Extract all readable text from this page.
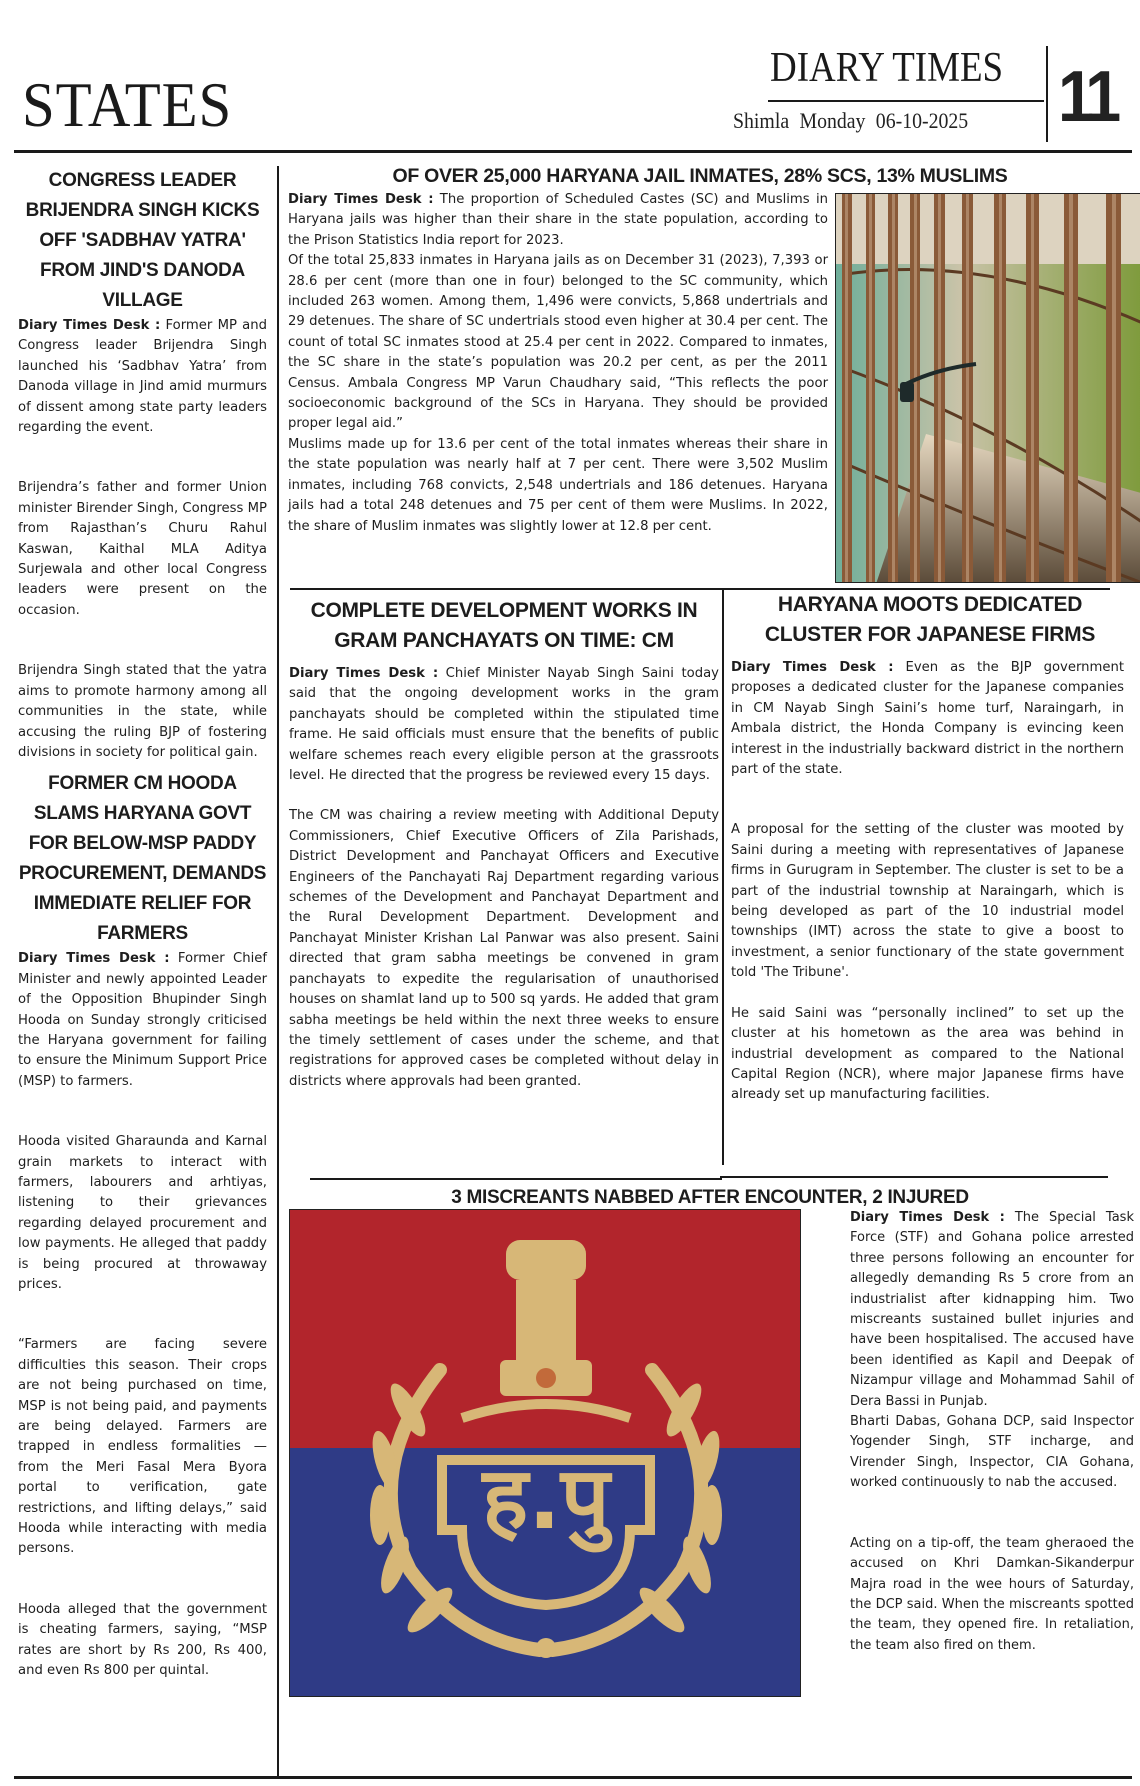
STATES
DIARY TIMES
Shimla Monday 06-10-2025 11
CONGRESS LEADER BRIJENDRA SINGH KICKS OFF 'SADBHAV YATRA' FROM JIND'S DANODA VILLAGE

Diary Times Desk : Former MP and Congress leader Brijendra Singh launched his ‘Sadbhav Yatra’ from Danoda village in Jind amid murmurs of dissent among state party leaders regarding the event.

Brijendra’s father and former Union minister Birender Singh, Congress MP from Rajasthan’s Churu Rahul Kaswan, Kaithal MLA Aditya Surjewala and other local Congress leaders were present on the occasion.

Brijendra Singh stated that the yatra aims to promote harmony among all communities in the state, while accusing the ruling BJP of fostering divisions in society for political gain.

FORMER CM HOODA SLAMS HARYANA GOVT FOR BELOW-MSP PADDY PROCUREMENT, DEMANDS IMMEDIATE RELIEF FOR FARMERS

Diary Times Desk : Former Chief Minister and newly appointed Leader of the Opposition Bhupinder Singh Hooda on Sunday strongly criticised the Haryana government for failing to ensure the Minimum Support Price (MSP) to farmers.

Hooda visited Gharaunda and Karnal grain markets to interact with farmers, labourers and arhtiyas, listening to their grievances regarding delayed procurement and low payments. He alleged that paddy is being procured at throwaway prices.

“Farmers are facing severe difficulties this season. Their crops are not being purchased on time, MSP is not being paid, and payments are being delayed. Farmers are trapped in endless formalities — from the Meri Fasal Mera Byora portal to verification, gate restrictions, and lifting delays,” said Hooda while interacting with media persons.

Hooda alleged that the government is cheating farmers, saying, “MSP rates are short by Rs 200, Rs 400, and even Rs 800 per quintal.

OF OVER 25,000 HARYANA JAIL INMATES, 28% SCS, 13% MUSLIMS

Diary Times Desk : The proportion of Scheduled Castes (SC) and Muslims in Haryana jails was higher than their share in the state population, according to the Prison Statistics India report for 2023.

Of the total 25,833 inmates in Haryana jails as on December 31 (2023), 7,393 or 28.6 per cent (more than one in four) belonged to the SC community, which included 263 women. Among them, 1,496 were convicts, 5,868 undertrials and 29 detenues. The share of SC undertrials stood even higher at 30.4 per cent. The count of total SC inmates stood at 25.4 per cent in 2022. Compared to inmates, the SC share in the state’s population was 20.2 per cent, as per the 2011 Census. Ambala Congress MP Varun Chaudhary said, “This reflects the poor socioeconomic background of the SCs in Haryana. They should be provided proper legal aid.”

Muslims made up for 13.6 per cent of the total inmates whereas their share in the state population was nearly half at 7 per cent. There were 3,502 Muslim inmates, including 768 convicts, 2,548 undertrials and 186 detenues. Haryana jails had a total 248 detenues and 75 per cent of them were Muslims. In 2022, the share of Muslim inmates was slightly lower at 12.8 per cent.

COMPLETE DEVELOPMENT WORKS IN GRAM PANCHAYATS ON TIME: CM

Diary Times Desk : Chief Minister Nayab Singh Saini today said that the ongoing development works in the gram panchayats should be completed within the stipulated time frame. He said officials must ensure that the benefits of public welfare schemes reach every eligible person at the grassroots level. He directed that the progress be reviewed every 15 days.

The CM was chairing a review meeting with Additional Deputy Commissioners, Chief Executive Officers of Zila Parishads, District Development and Panchayat Officers and Executive Engineers of the Panchayati Raj Department regarding various schemes of the Development and Panchayat Department and the Rural Development Department. Development and Panchayat Minister Krishan Lal Panwar was also present. Saini directed that gram sabha meetings be convened in gram panchayats to expedite the regularisation of unauthorised houses on shamlat land up to 500 sq yards. He added that gram sabha meetings be held within the next three weeks to ensure the timely settlement of cases under the scheme, and that registrations for approved cases be completed without delay in districts where approvals had been granted.

HARYANA MOOTS DEDICATED CLUSTER FOR JAPANESE FIRMS

Diary Times Desk : Even as the BJP government proposes a dedicated cluster for the Japanese companies in CM Nayab Singh Saini’s home turf, Naraingarh, in Ambala district, the Honda Company is evincing keen interest in the industrially backward district in the northern part of the state.

A proposal for the setting of the cluster was mooted by Saini during a meeting with representatives of Japanese firms in Gurugram in September. The cluster is set to be a part of the industrial township at Naraingarh, which is being developed as part of the 10 industrial model townships (IMT) across the state to give a boost to investment, a senior functionary of the state government told 'The Tribune'.

He said Saini was “personally inclined” to set up the cluster at his hometown as the area was behind in industrial development as compared to the National Capital Region (NCR), where major Japanese firms have already set up manufacturing facilities.

3 MISCREANTS NABBED AFTER ENCOUNTER, 2 INJURED
ह.पु

Diary Times Desk : The Special Task Force (STF) and Gohana police arrested three persons following an encounter for allegedly demanding Rs 5 crore from an industrialist after kidnapping him. Two miscreants sustained bullet injuries and have been hospitalised. The accused have been identified as Kapil and Deepak of Nizampur village and Mohammad Sahil of Dera Bassi in Punjab.

Bharti Dabas, Gohana DCP, said Inspector Yogender Singh, STF incharge, and Virender Singh, Inspector, CIA Gohana, worked continuously to nab the accused.

Acting on a tip-off, the team gheraoed the accused on Khri Damkan-Sikanderpur Majra road in the wee hours of Saturday, the DCP said. When the miscreants spotted the team, they opened fire. In retaliation, the team also fired on them.
